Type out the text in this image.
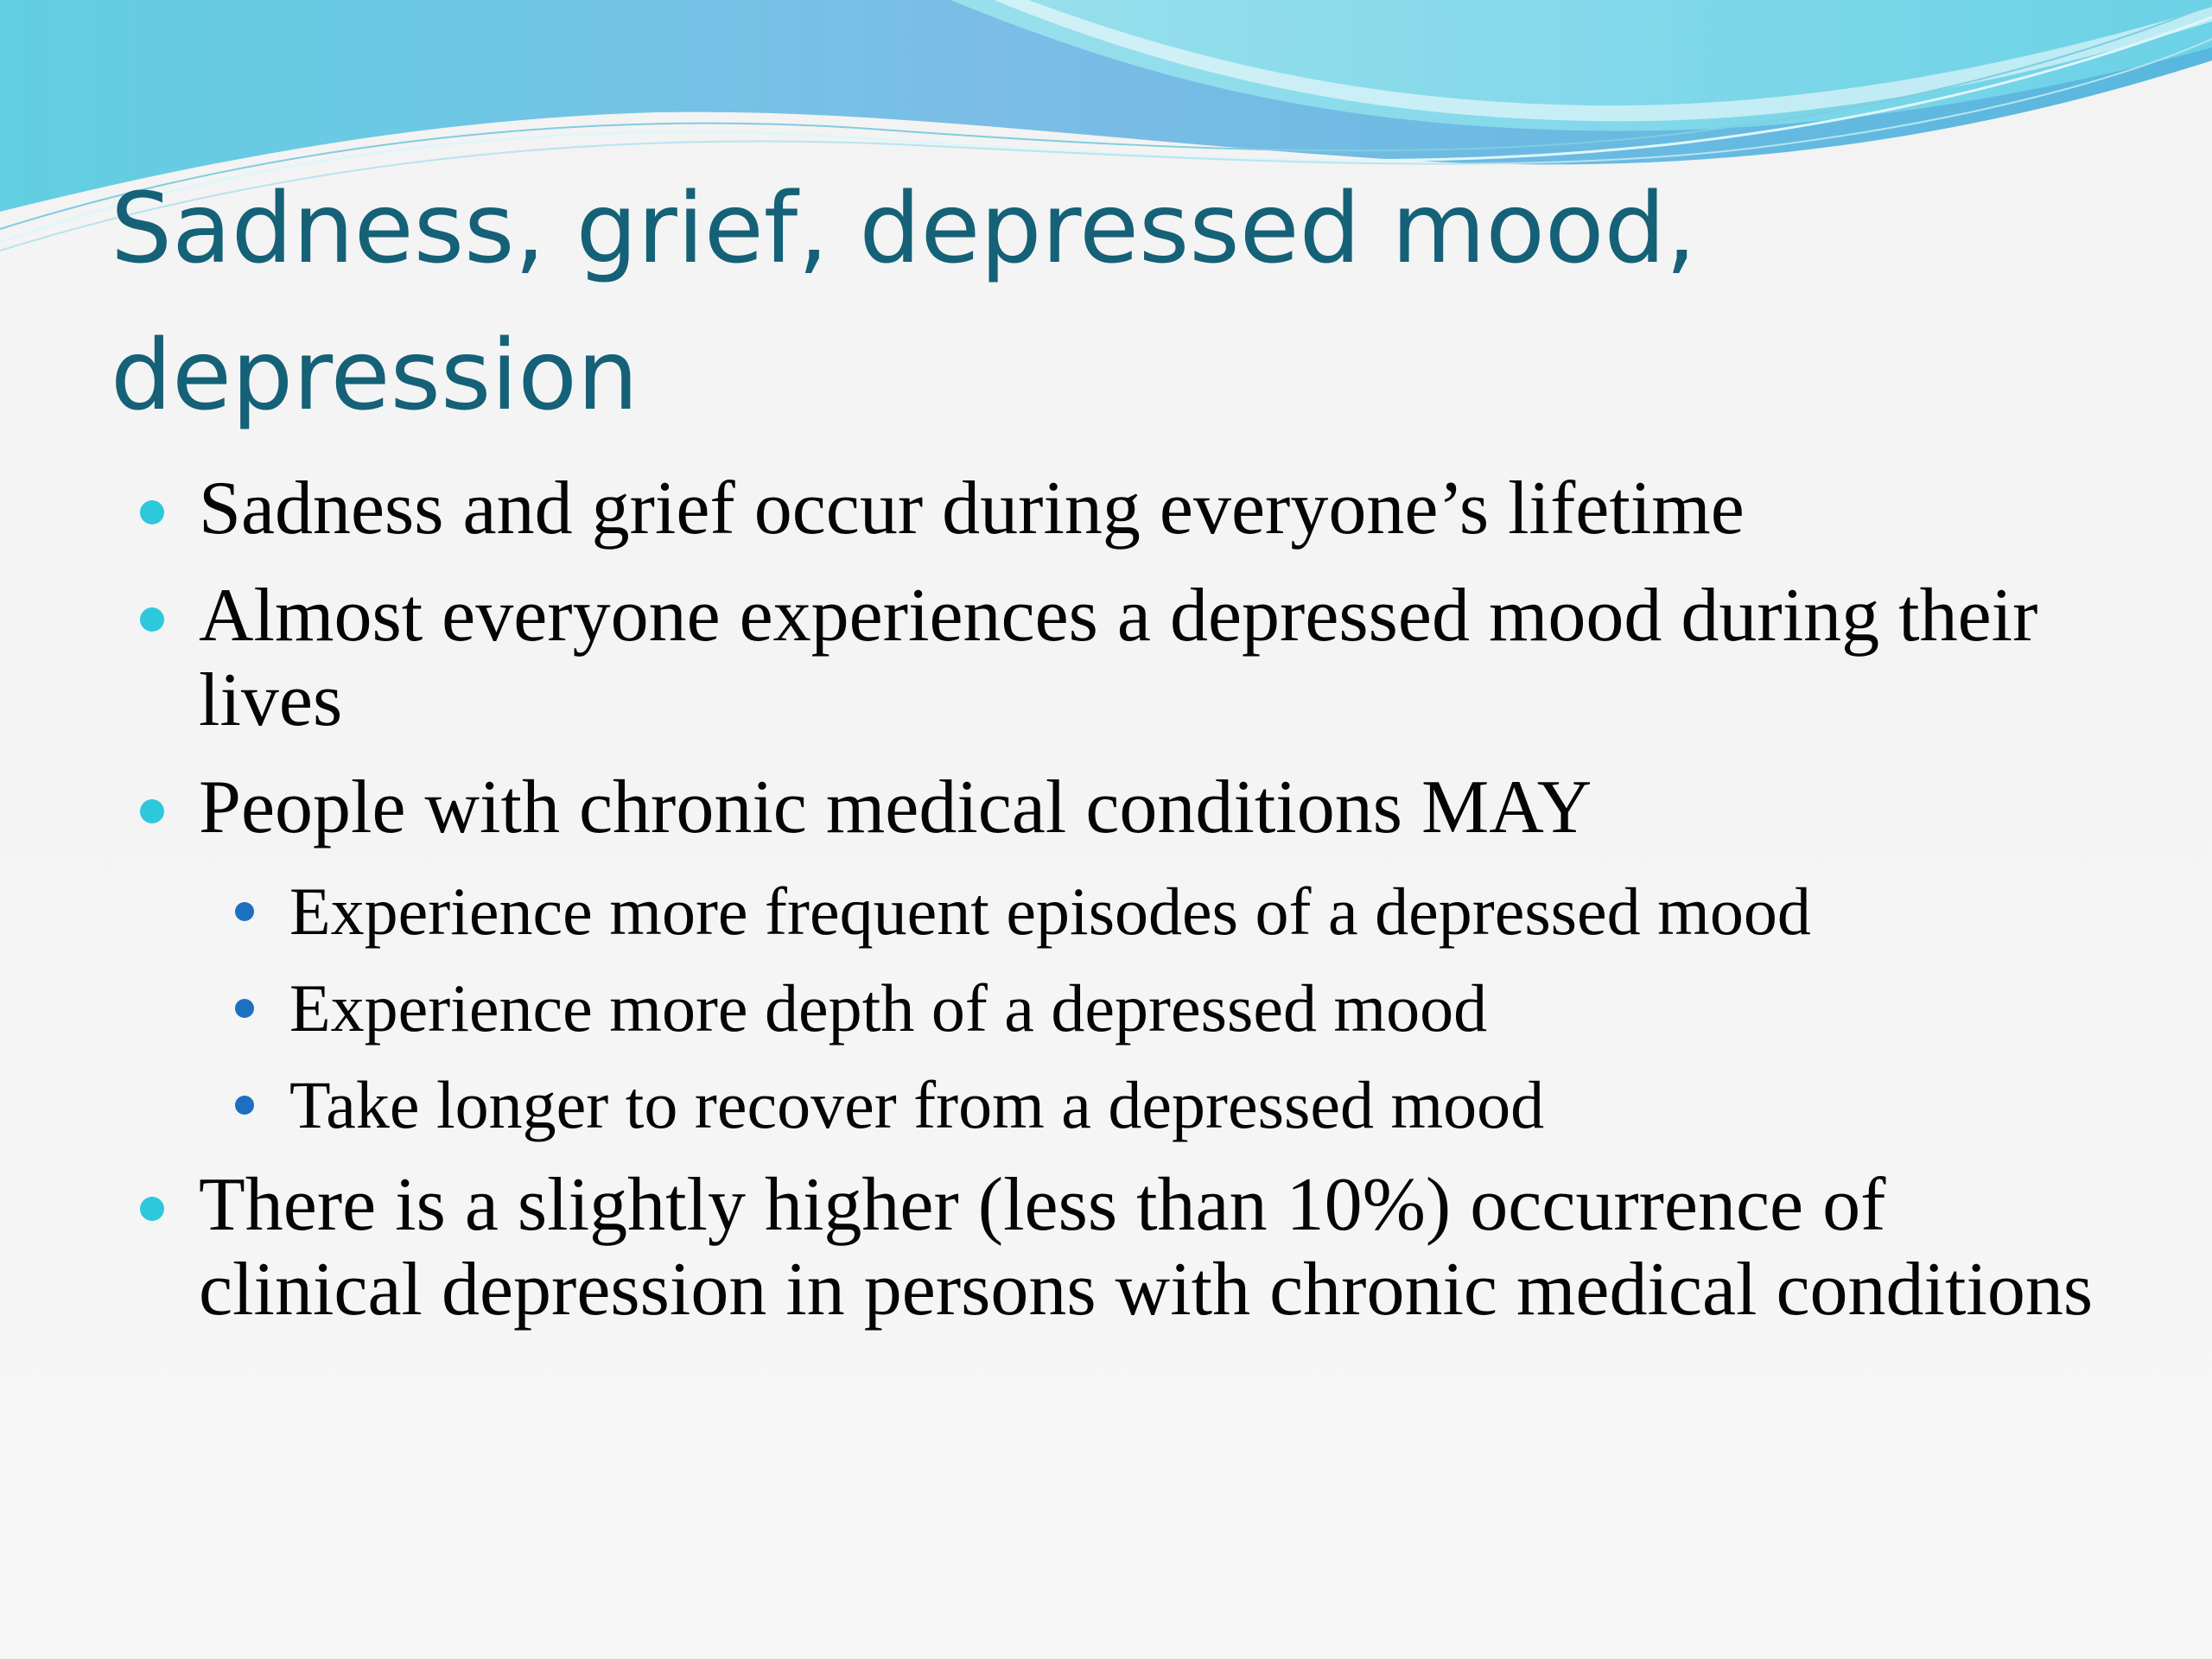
Sadness, grief, depressed mood, depression
Sadness and grief occur during everyone’s lifetime
Almost everyone experiences a depressed mood during their lives
People with chronic medical conditions MAY
Experience more frequent episodes of a depressed mood
Experience more depth of a depressed mood
Take longer to recover from a depressed mood
There is a slightly higher (less than 10%) occurrence of clinical depression in persons with chronic medical conditions
